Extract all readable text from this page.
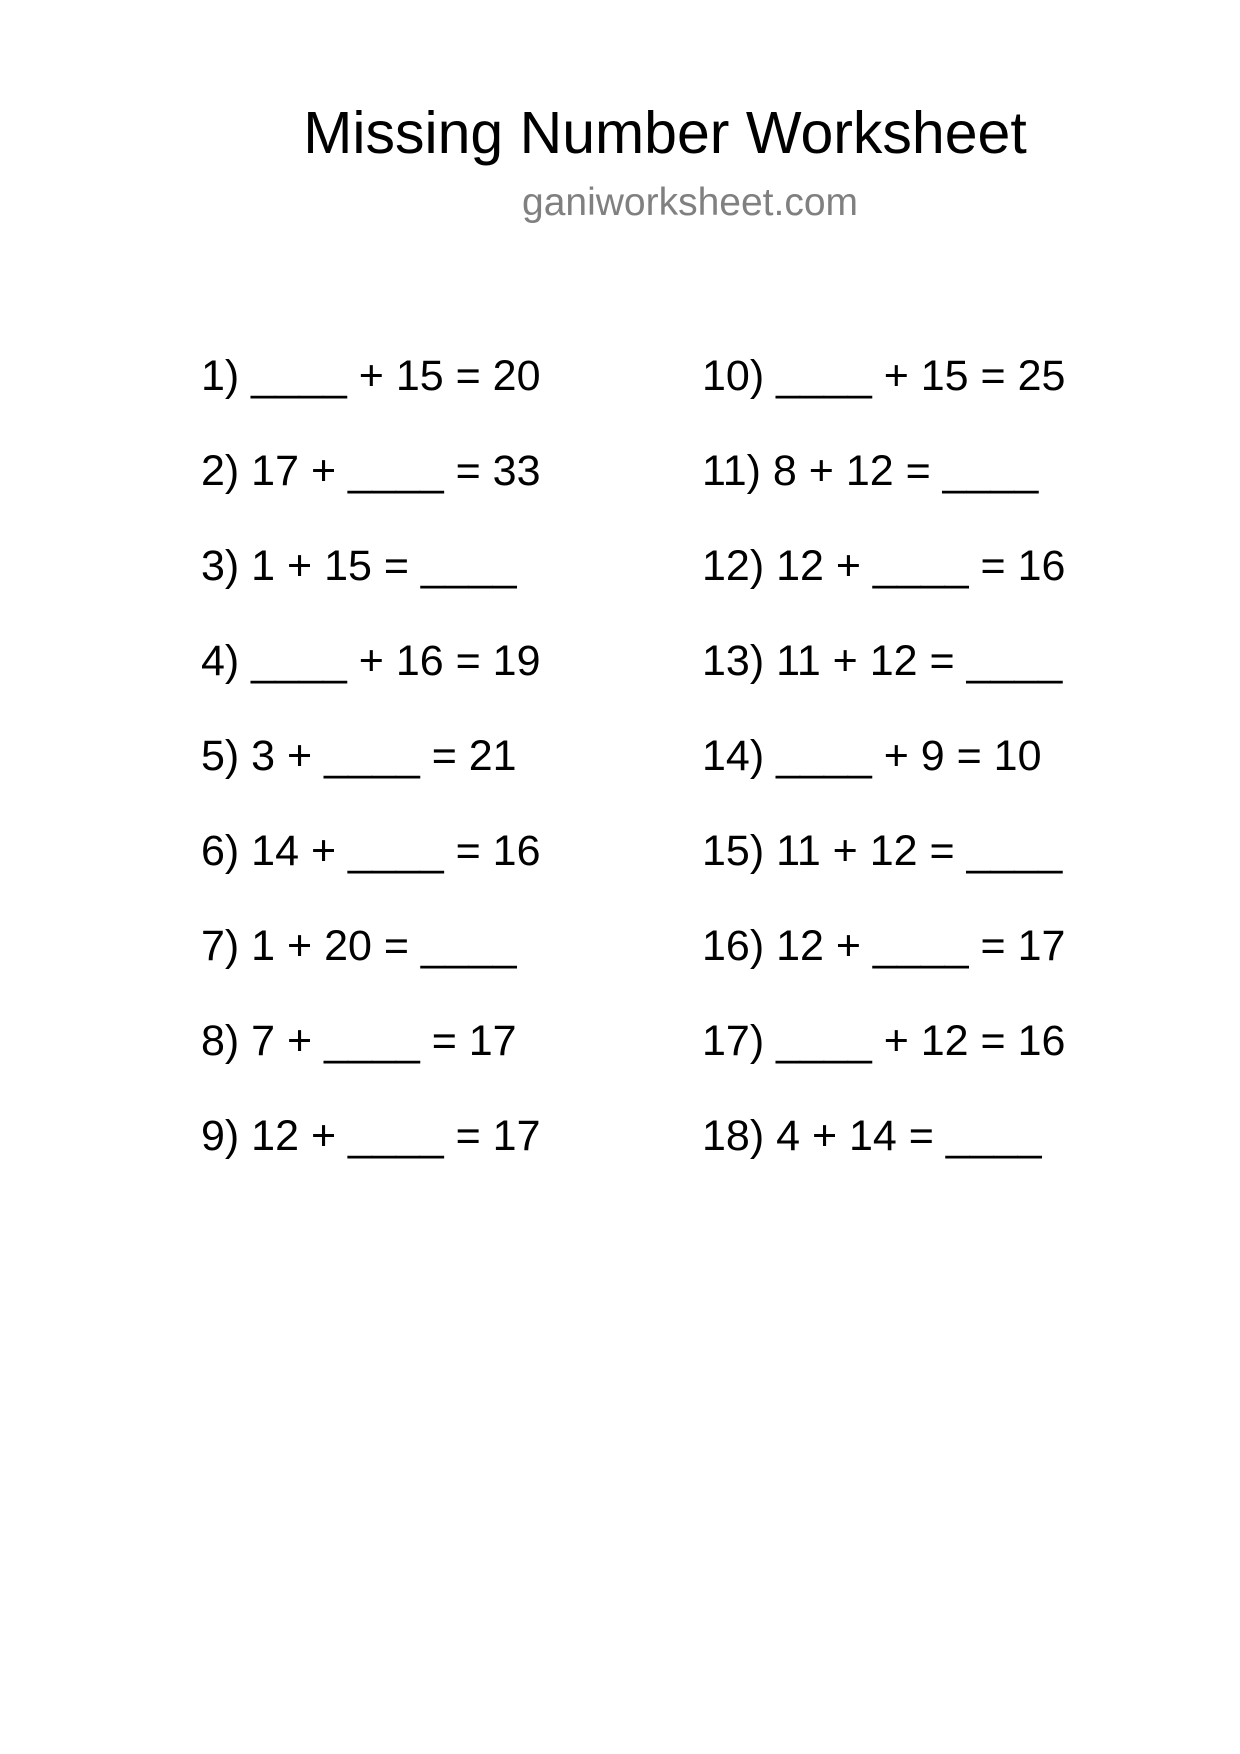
Missing Number Worksheet
ganiworksheet.com
1) ____ + 15 = 20
2) 17 + ____ = 33
3) 1 + 15 = ____
4) ____ + 16 = 19
5) 3 + ____ = 21
6) 14 + ____ = 16
7) 1 + 20 = ____
8) 7 + ____ = 17
9) 12 + ____ = 17
10) ____ + 15 = 25
11) 8 + 12 = ____
12) 12 + ____ = 16
13) 11 + 12 = ____
14) ____ + 9 = 10
15) 11 + 12 = ____
16) 12 + ____ = 17
17) ____ + 12 = 16
18) 4 + 14 = ____
